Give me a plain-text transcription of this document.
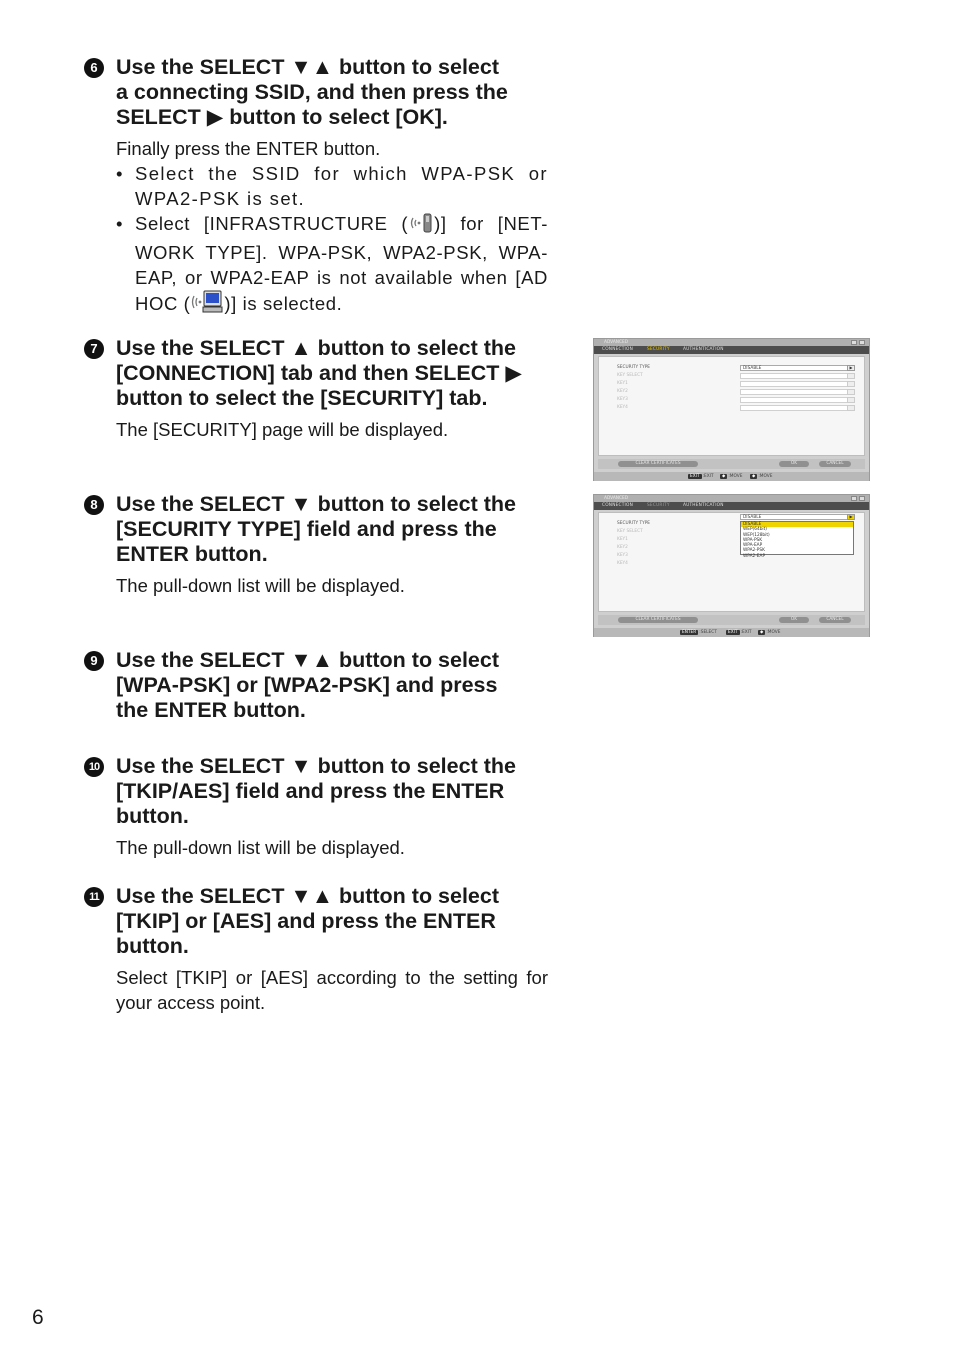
6 Use the SELECT ▼▲ button to select
a connecting SSID, and then press the
SELECT ▶ button to select [OK].
Finally press the ENTER button.
• Select the SSID for which WPA-PSK or WPA2-PSK is set.
• Select [INFRASTRUCTURE ( )] for [NET-WORK TYPE]. WPA-PSK, WPA2-PSK, WPA-EAP, or WPA2-EAP is not available when [AD HOC ( )] is selected.
7 Use the SELECT ▲ button to select the
[CONNECTION] tab and then SELECT ▶
button to select the [SECURITY] tab.
The [SECURITY] page will be displayed.
8 Use the SELECT ▼ button to select the
[SECURITY TYPE] field and press the
ENTER button.
The pull-down list will be displayed.
9 Use the SELECT ▼▲ button to select
[WPA-PSK] or [WPA2-PSK] and press
the ENTER button.
10 Use the SELECT ▼ button to select the
[TKIP/AES] field and press the ENTER
button.
The pull-down list will be displayed.
11 Use the SELECT ▼▲ button to select
[TKIP] or [AES] and press the ENTER
button.
Select [TKIP] or [AES] according to the setting for your access point.
ADVANCED
CONNECTION	SECURITY	AUTHENTICATION
SECURITY TYPE
KEY SELECT
KEY1
KEY2
KEY3
KEY4
DISABLE	▶
CLEAR CERTIFICATES	OK	CANCEL
EXIT :EXIT	◆ :MOVE	◆ :MOVE
ADVANCED
CONNECTION	SECURITY	AUTHENTICATION
SECURITY TYPE
KEY SELECT
KEY1
KEY2
KEY3
KEY4
DISABLE	▶
DISABLE
WEP(64bit)
WEP(128bit)
WPA-PSK
WPA-EAP
WPA2-PSK
WPA2-EAP
CLEAR CERTIFICATES	OK	CANCEL
ENTER :SELECT	EXIT :EXIT	◆ :MOVE
6
